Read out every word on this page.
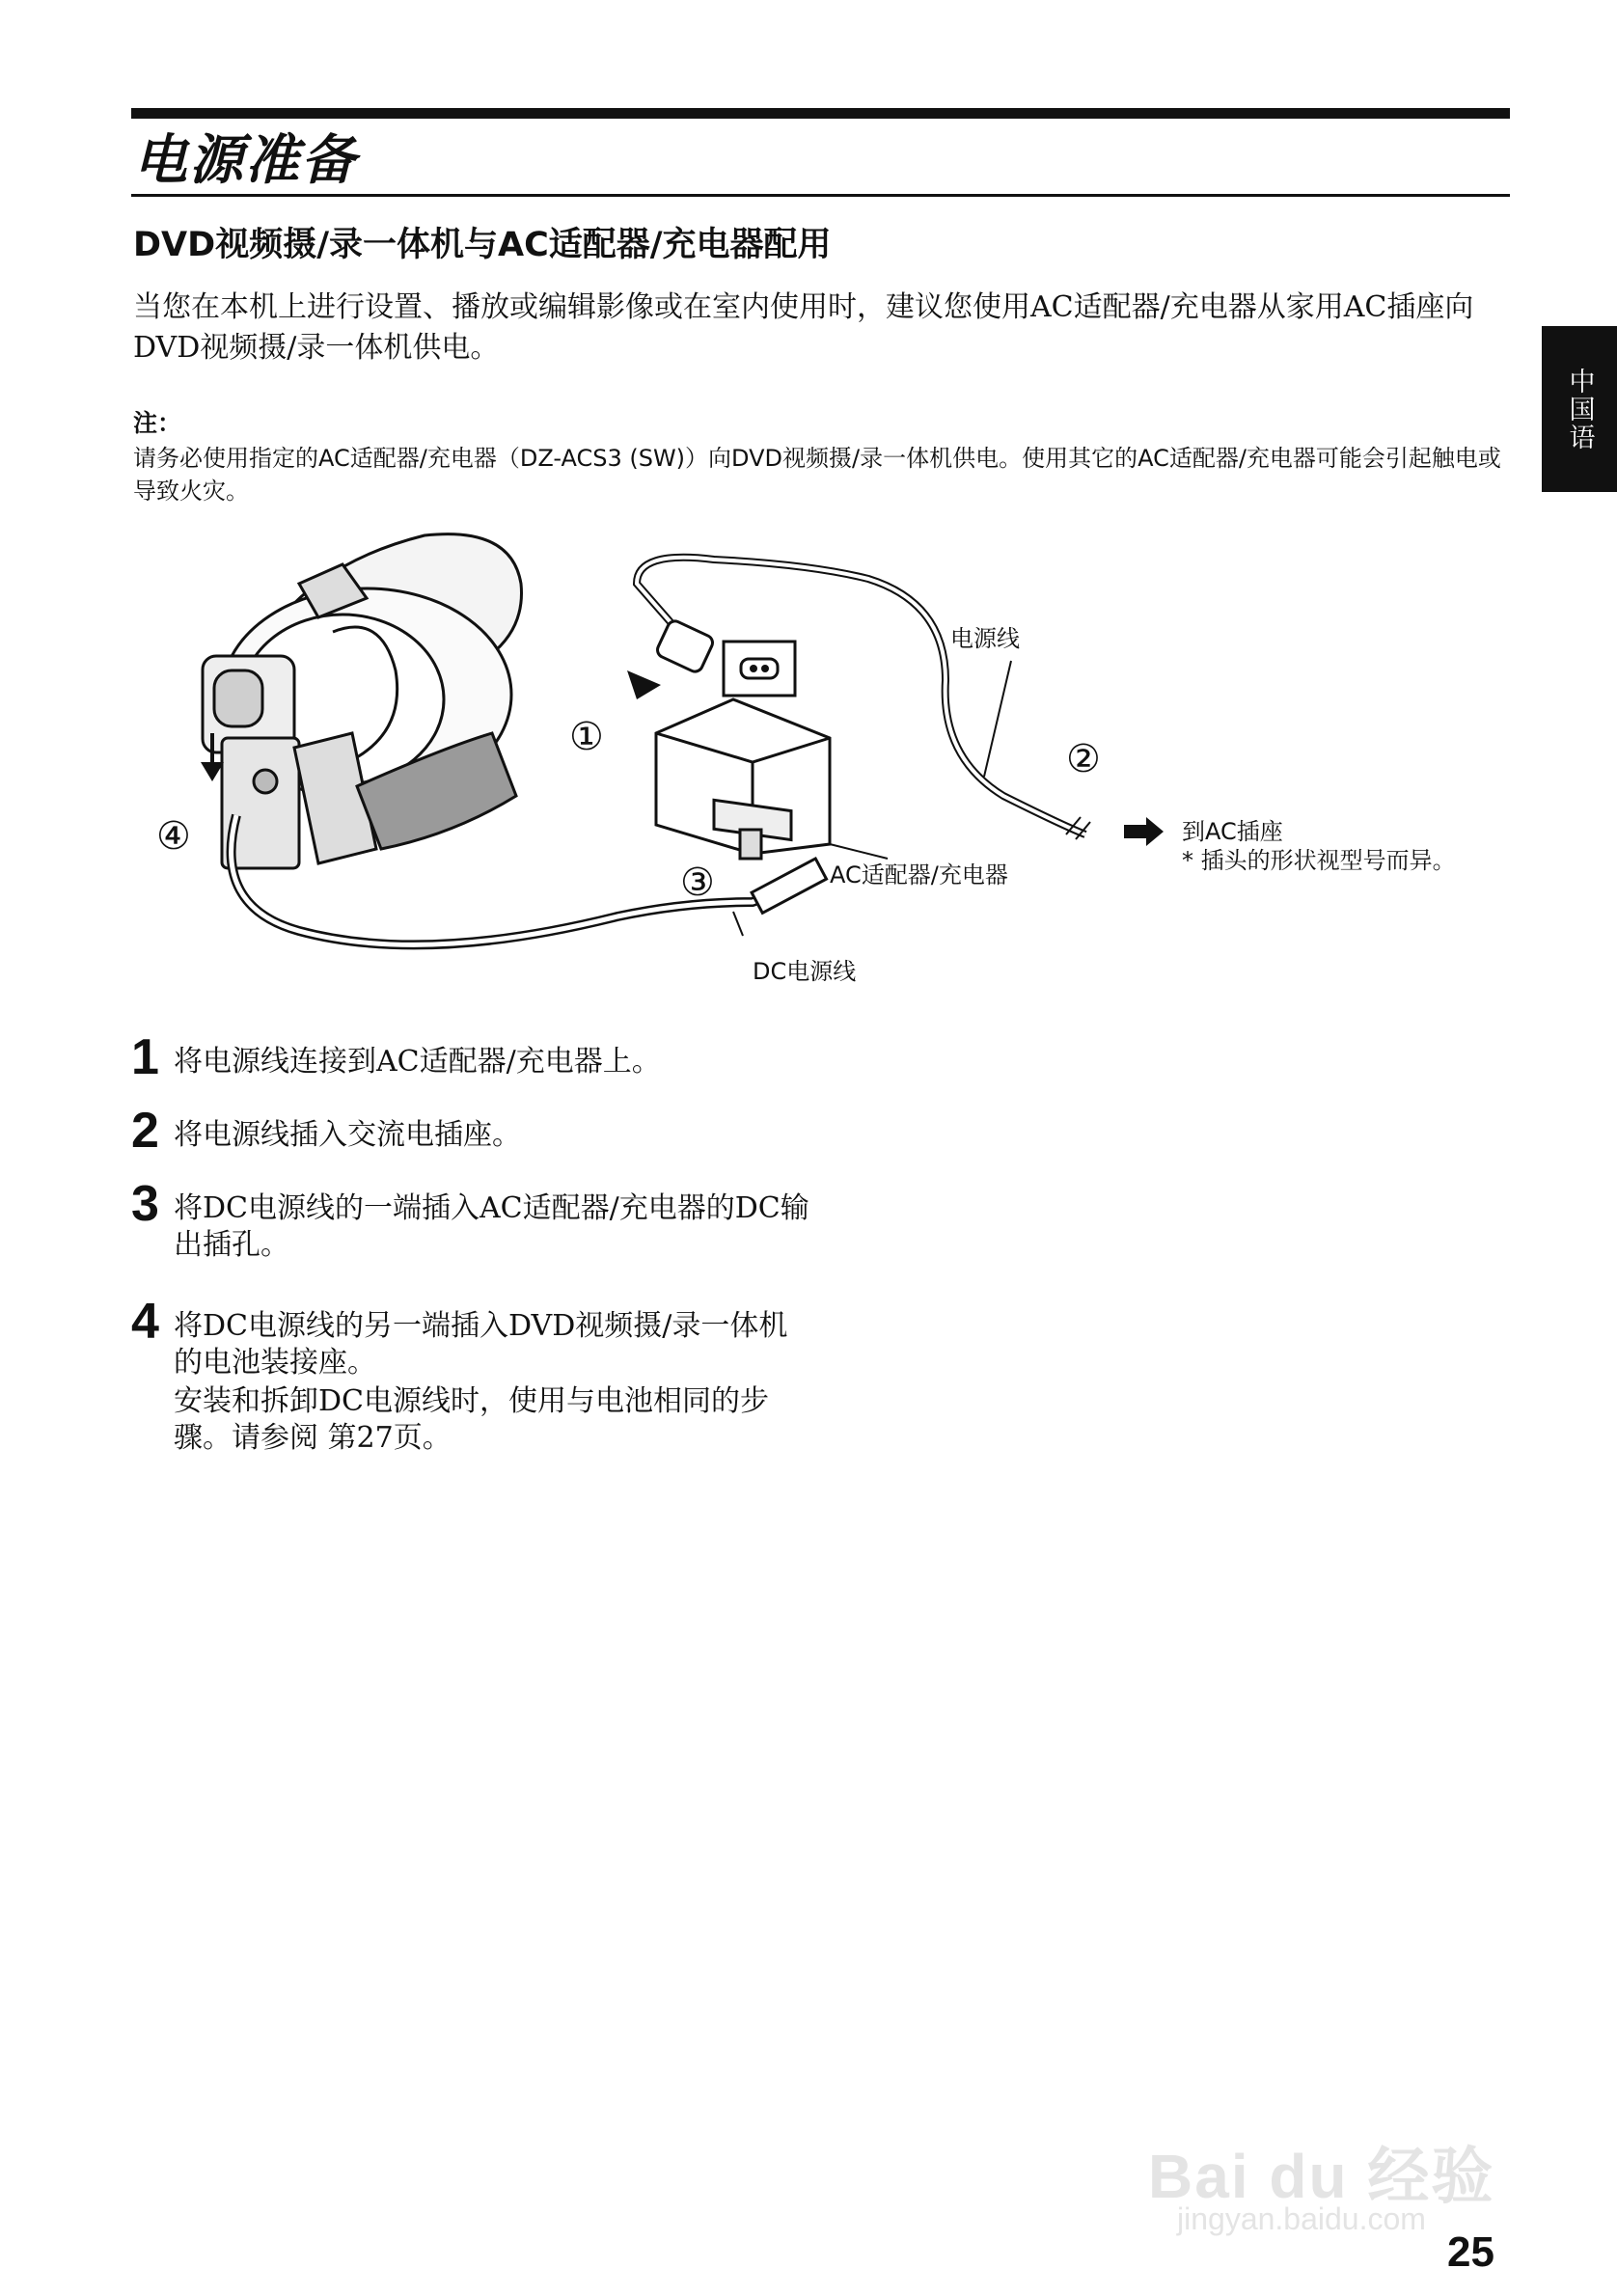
电源准备
DVD视频摄/录一体机与AC适配器/充电器配用
当您在本机上进行设置、播放或编辑影像或在室内使用时，建议您使用AC适配器/充电器从家用AC插座向DVD视频摄/录一体机供电。
注：
请务必使用指定的AC适配器/充电器（DZ-ACS3 (SW)）向DVD视频摄/录一体机供电。使用其它的AC适配器/充电器可能会引起触电或导致火灾。
中国语
电源线
到AC插座
* 插头的形状视型号而异。
AC适配器/充电器
DC电源线
①	②
③
④
1 将电源线连接到AC适配器/充电器上。
2 将电源线插入交流电插座。
3 将DC电源线的一端插入AC适配器/充电器的DC输出插孔。
4 将DC电源线的另一端插入DVD视频摄/录一体机的电池装接座。
安装和拆卸DC电源线时，使用与电池相同的步骤。请参阅 第27页。
Bai du 经验
jingyan.baidu.com
25
